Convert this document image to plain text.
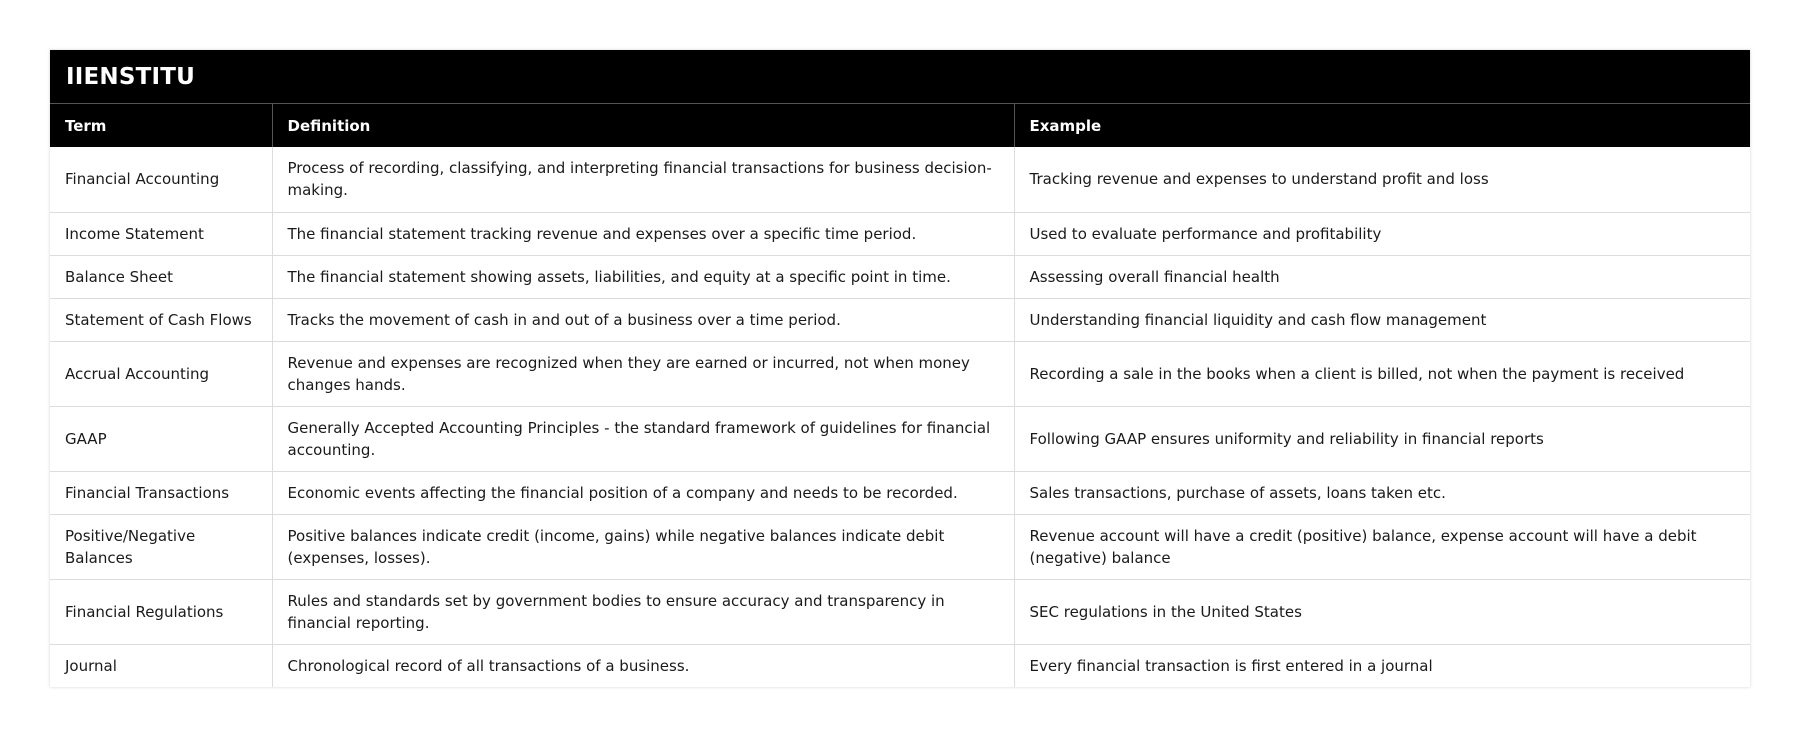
IIENSTITU
Term	Definition	Example
Financial Accounting	Process of recording, classifying, and interpreting financial transactions for business decision-making.	Tracking revenue and expenses to understand profit and loss
Income Statement	The financial statement tracking revenue and expenses over a specific time period.	Used to evaluate performance and profitability
Balance Sheet	The financial statement showing assets, liabilities, and equity at a specific point in time.	Assessing overall financial health
Statement of Cash Flows	Tracks the movement of cash in and out of a business over a time period.	Understanding financial liquidity and cash flow management
Accrual Accounting	Revenue and expenses are recognized when they are earned or incurred, not when money changes hands.	Recording a sale in the books when a client is billed, not when the payment is received
GAAP	Generally Accepted Accounting Principles - the standard framework of guidelines for financial accounting.	Following GAAP ensures uniformity and reliability in financial reports
Financial Transactions	Economic events affecting the financial position of a company and needs to be recorded.	Sales transactions, purchase of assets, loans taken etc.
Positive/Negative Balances	Positive balances indicate credit (income, gains) while negative balances indicate debit (expenses, losses).	Revenue account will have a credit (positive) balance, expense account will have a debit (negative) balance
Financial Regulations	Rules and standards set by government bodies to ensure accuracy and transparency in financial reporting.	SEC regulations in the United States
Journal	Chronological record of all transactions of a business.	Every financial transaction is first entered in a journal
